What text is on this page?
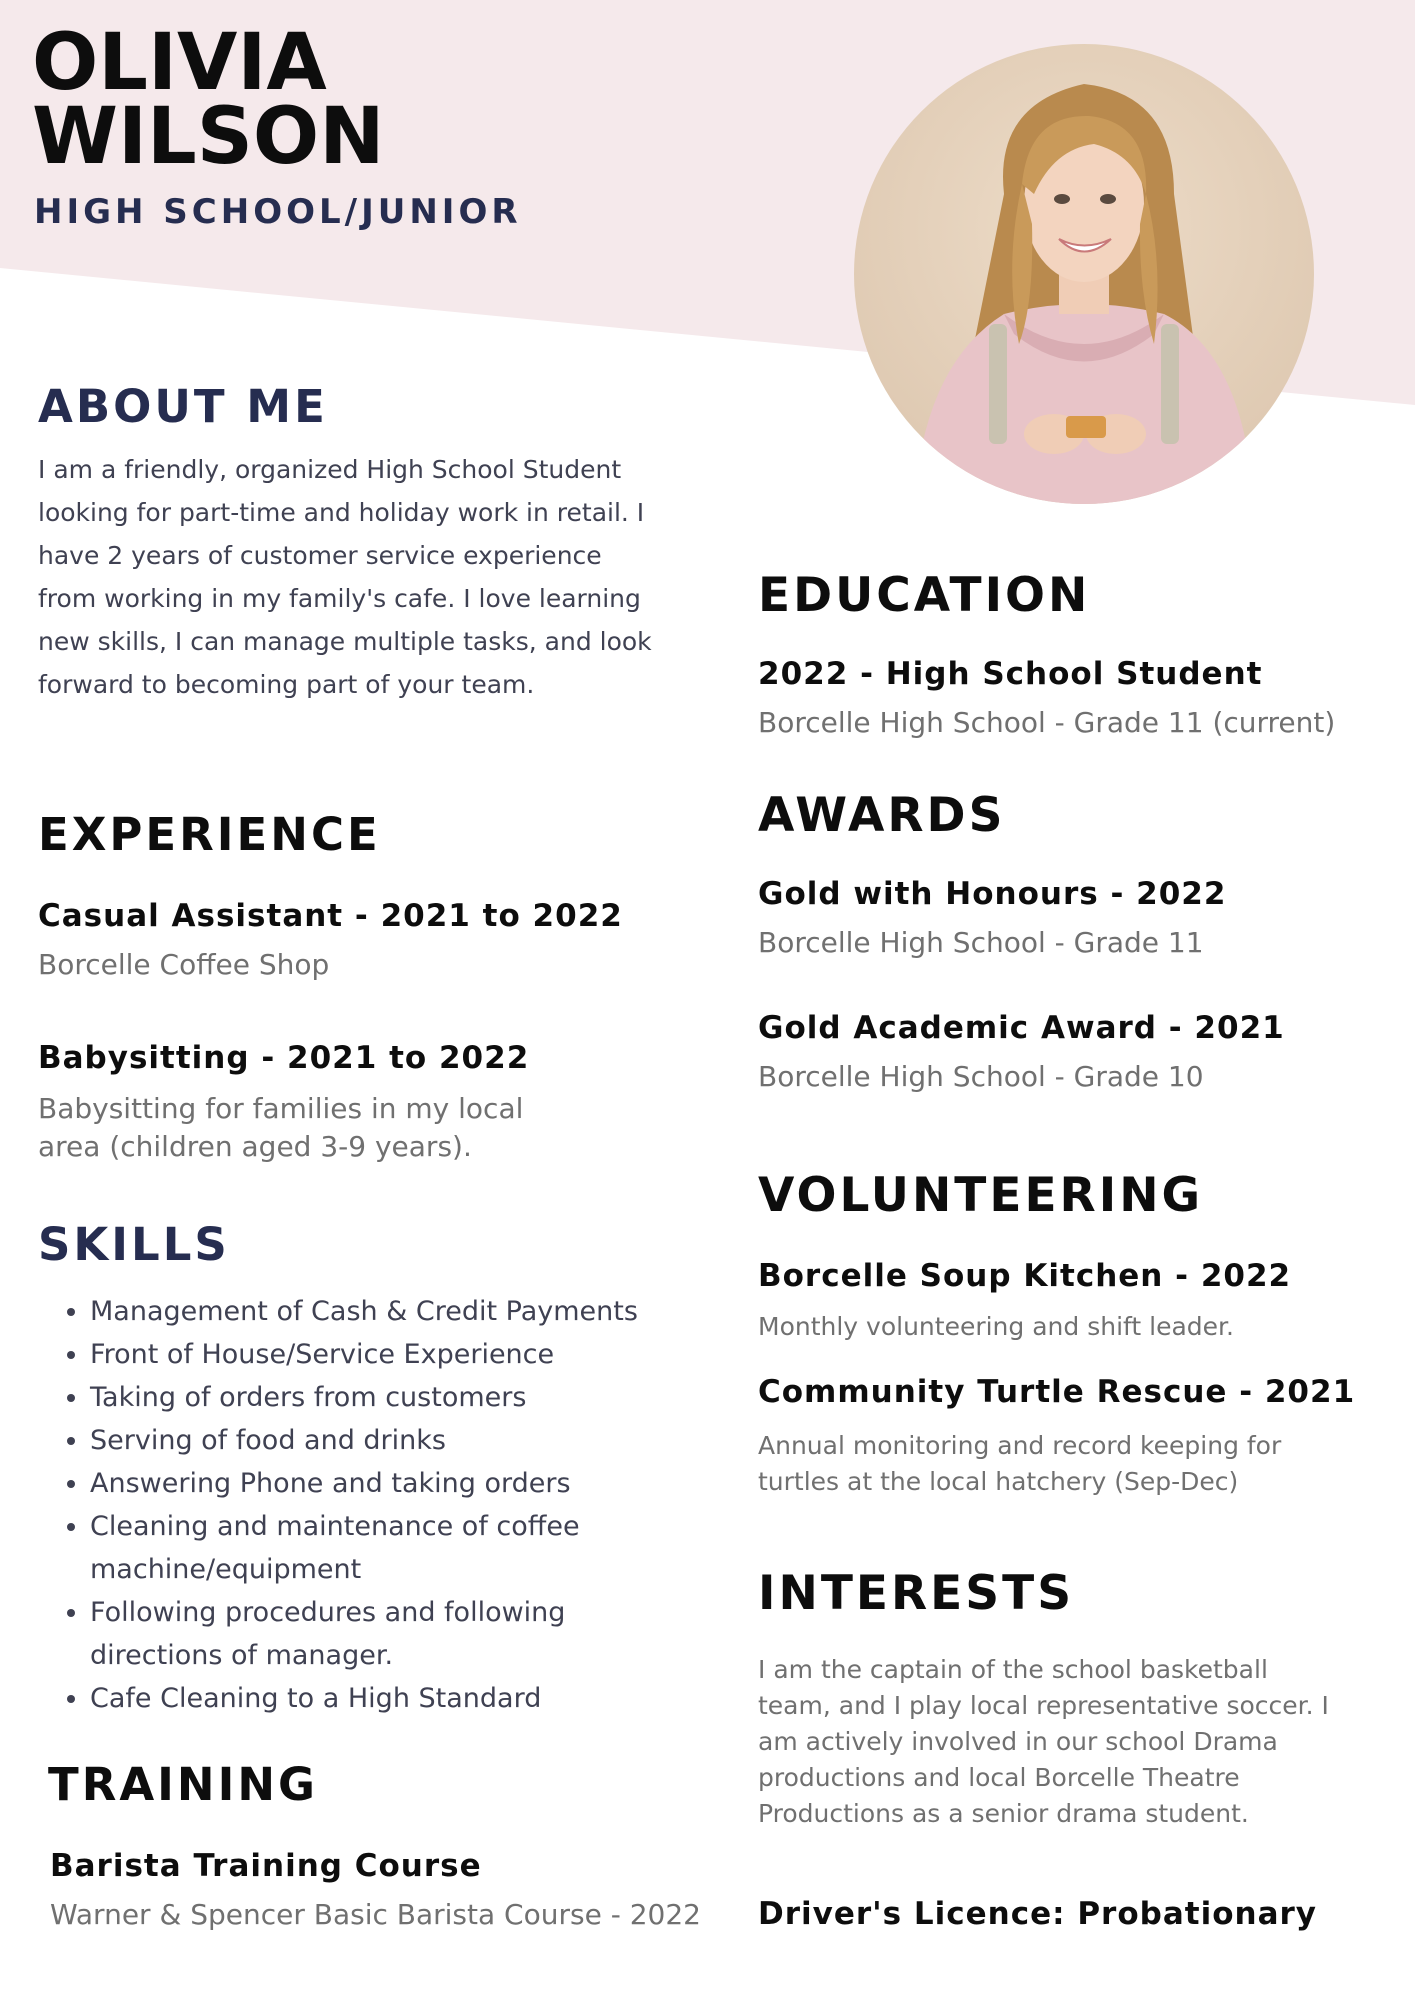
OLIVIA
WILSON
HIGH SCHOOL/JUNIOR
ABOUT ME
I am a friendly, organized High School Student looking for part-time and holiday work in retail. I have 2 years of customer service experience from working in my family's cafe. I love learning new skills, I can manage multiple tasks, and look forward to becoming part of your team.
EXPERIENCE
Casual Assistant - 2021 to 2022
Borcelle Coffee Shop
Babysitting - 2021 to 2022
Babysitting for families in my local area (children aged 3-9 years).
SKILLS
• Management of Cash & Credit Payments
• Front of House/Service Experience
• Taking of orders from customers
• Serving of food and drinks
• Answering Phone and taking orders
• Cleaning and maintenance of coffee machine/equipment
• Following procedures and following directions of manager.
• Cafe Cleaning to a High Standard
TRAINING
Barista Training Course
Warner & Spencer Basic Barista Course - 2022
EDUCATION
2022 - High School Student
Borcelle High School - Grade 11 (current)
AWARDS
Gold with Honours - 2022
Borcelle High School - Grade 11
Gold Academic Award - 2021
Borcelle High School - Grade 10
VOLUNTEERING
Borcelle Soup Kitchen - 2022
Monthly volunteering and shift leader.
Community Turtle Rescue - 2021
Annual monitoring and record keeping for turtles at the local hatchery (Sep-Dec)
INTERESTS
I am the captain of the school basketball team, and I play local representative soccer. I am actively involved in our school Drama productions and local Borcelle Theatre Productions as a senior drama student.
Driver's Licence: Probationary
